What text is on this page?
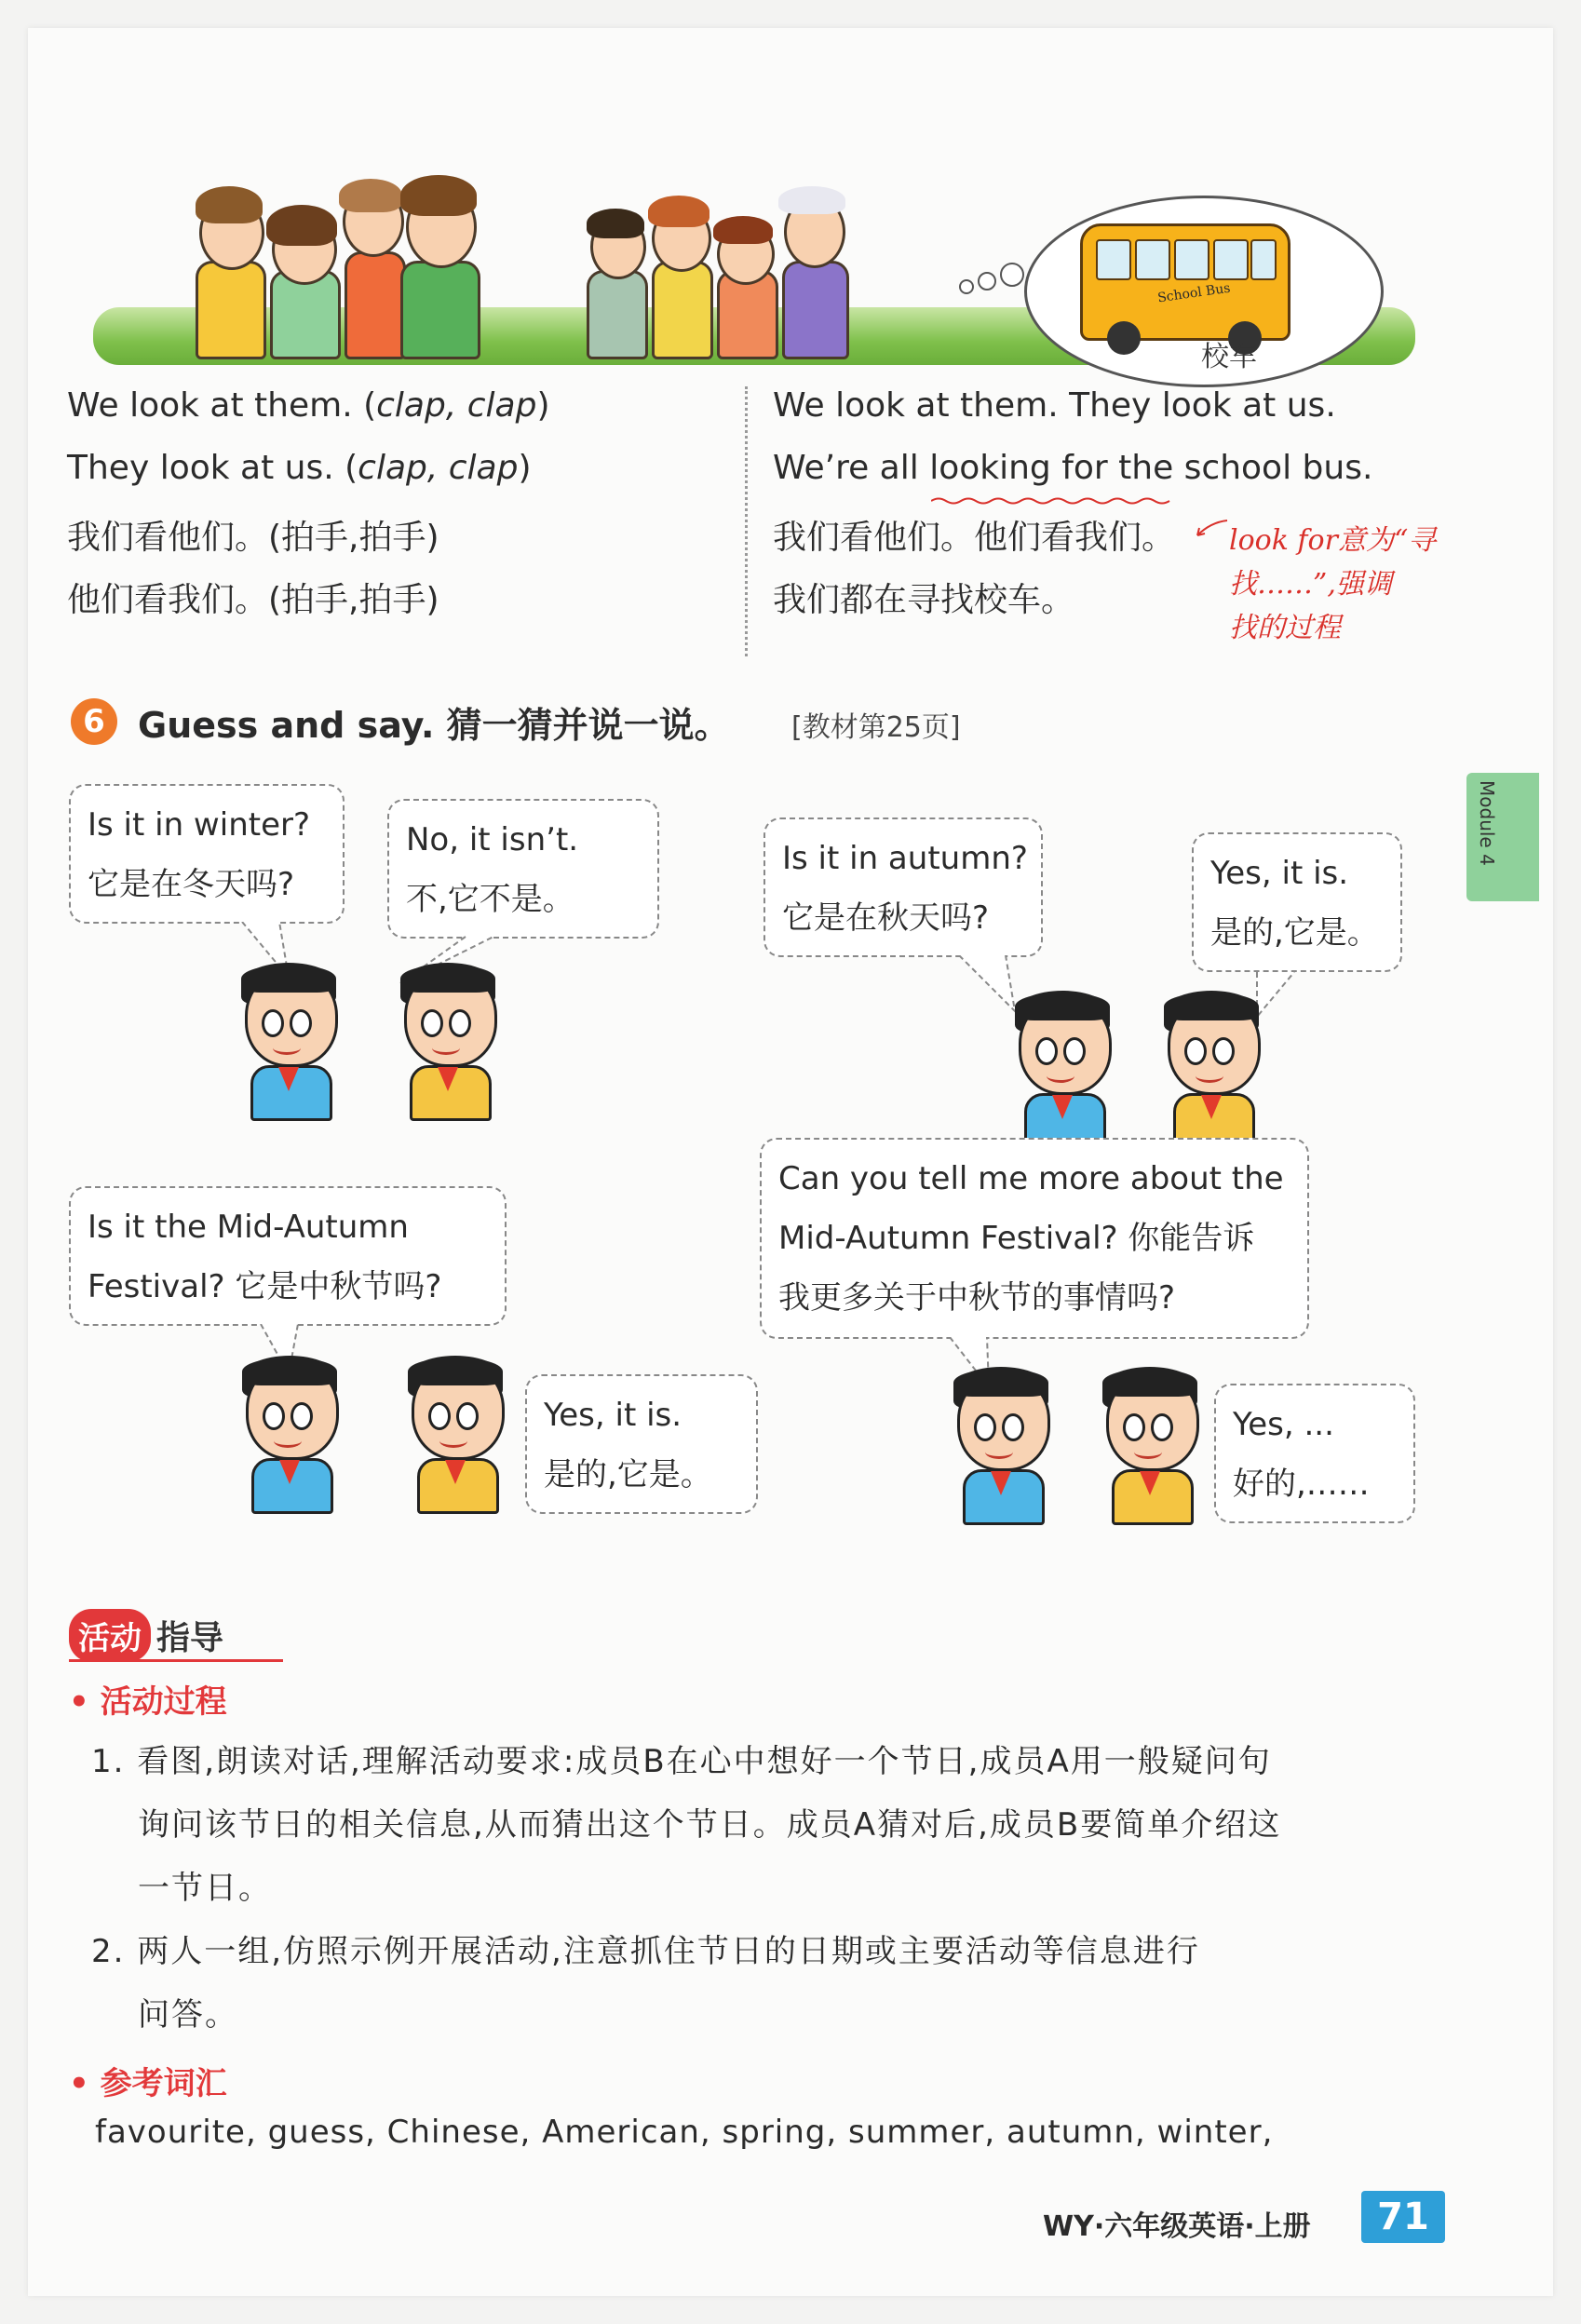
School Bus
校车
We look at them. (clap, clap)
They look at us. (clap, clap)
我们看他们。(拍手,拍手)
他们看我们。(拍手,拍手)
We look at them. They look at us.
We’re all looking for the school bus.
我们看他们。他们看我们。
我们都在寻找校车。
look for意为“寻
找……”,强调
找的过程
6 Guess and say. 猜一猜并说一说。 [教材第25页]
Module 4
Is it in winter?
它是在冬天吗?
No, it isn’t.
不,它不是。
Is it in autumn?
它是在秋天吗?
Yes, it is.
是的,它是。
Is it the Mid-Autumn
Festival? 它是中秋节吗?
Yes, it is.
是的,它是。
Can you tell me more about the
Mid-Autumn Festival? 你能告诉
我更多关于中秋节的事情吗?
Yes, ...
好的,……
活动 指导
• 活动过程
1. 看图,朗读对话,理解活动要求:成员B在心中想好一个节日,成员A用一般疑问句
询问该节日的相关信息,从而猜出这个节日。成员A猜对后,成员B要简单介绍这
一节日。
2. 两人一组,仿照示例开展活动,注意抓住节日的日期或主要活动等信息进行
问答。
• 参考词汇
favourite, guess, Chinese, American, spring, summer, autumn, winter,
WY·六年级英语·上册	71
